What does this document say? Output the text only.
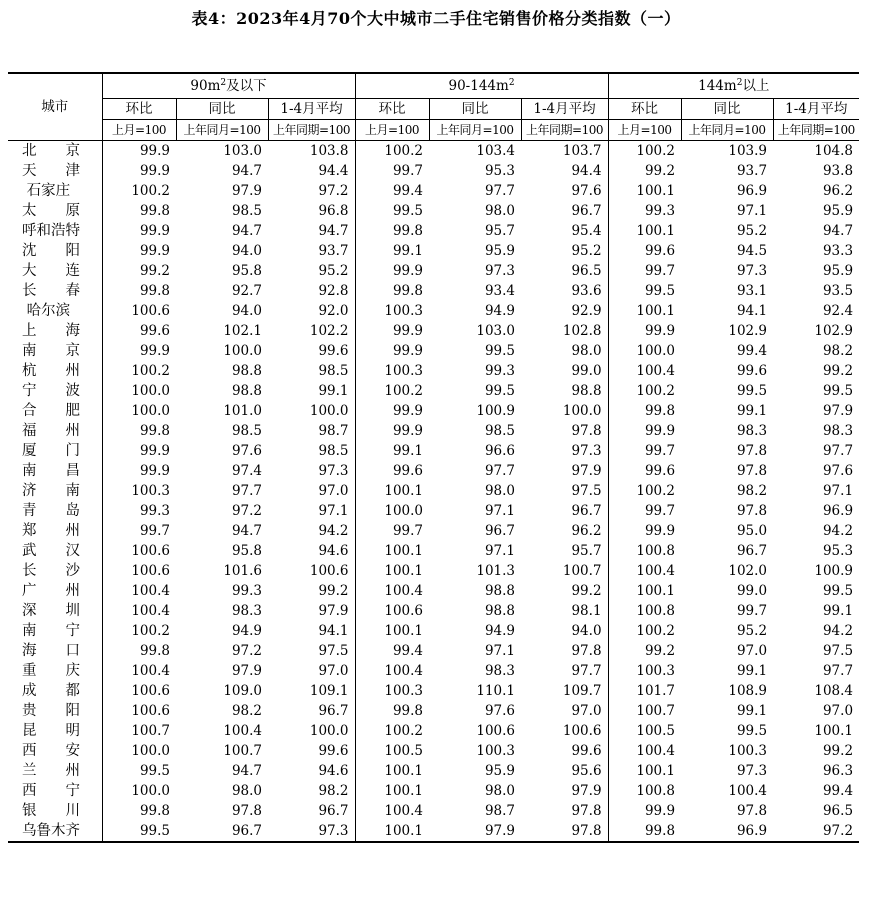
表4：2023年4月70个大中城市二手住宅销售价格分类指数（一）
城市	$90m^2$及以下			$90-144m^2$			$144m^2$以上		
	环比	同比	1-4月平均	环比	同比	1-4月平均	环比	同比	1-4月平均
	上月=100	上年同月=100	上年同期=100	上月=100	上年同月=100	上年同期=100	上月=100	上年同月=100	上年同期=100
北　　京	99.9	103.0	103.8	100.2	103.4	103.7	100.2	103.9	104.8
天　　津	99.9	94.7	94.4	99.7	95.3	94.4	99.2	93.7	93.8
石家庄	100.2	97.9	97.2	99.4	97.7	97.6	100.1	96.9	96.2
太　　原	99.8	98.5	96.8	99.5	98.0	96.7	99.3	97.1	95.9
呼和浩特	99.9	94.7	94.7	99.8	95.7	95.4	100.1	95.2	94.7
沈　　阳	99.9	94.0	93.7	99.1	95.9	95.2	99.6	94.5	93.3
大　　连	99.2	95.8	95.2	99.9	97.3	96.5	99.7	97.3	95.9
长　　春	99.8	92.7	92.8	99.8	93.4	93.6	99.5	93.1	93.5
哈尔滨	100.6	94.0	92.0	100.3	94.9	92.9	100.1	94.1	92.4
上　　海	99.6	102.1	102.2	99.9	103.0	102.8	99.9	102.9	102.9
南　　京	99.9	100.0	99.6	99.9	99.5	98.0	100.0	99.4	98.2
杭　　州	100.2	98.8	98.5	100.3	99.3	99.0	100.4	99.6	99.2
宁　　波	100.0	98.8	99.1	100.2	99.5	98.8	100.2	99.5	99.5
合　　肥	100.0	101.0	100.0	99.9	100.9	100.0	99.8	99.1	97.9
福　　州	99.8	98.5	98.7	99.9	98.5	97.8	99.9	98.3	98.3
厦　　门	99.9	97.6	98.5	99.1	96.6	97.3	99.7	97.8	97.7
南　　昌	99.9	97.4	97.3	99.6	97.7	97.9	99.6	97.8	97.6
济　　南	100.3	97.7	97.0	100.1	98.0	97.5	100.2	98.2	97.1
青　　岛	99.3	97.2	97.1	100.0	97.1	96.7	99.7	97.8	96.9
郑　　州	99.7	94.7	94.2	99.7	96.7	96.2	99.9	95.0	94.2
武　　汉	100.6	95.8	94.6	100.1	97.1	95.7	100.8	96.7	95.3
长　　沙	100.6	101.6	100.6	100.1	101.3	100.7	100.4	102.0	100.9
广　　州	100.4	99.3	99.2	100.4	98.8	99.2	100.1	99.0	99.5
深　　圳	100.4	98.3	97.9	100.6	98.8	98.1	100.8	99.7	99.1
南　　宁	100.2	94.9	94.1	100.1	94.9	94.0	100.2	95.2	94.2
海　　口	99.8	97.2	97.5	99.4	97.1	97.8	99.2	97.0	97.5
重　　庆	100.4	97.9	97.0	100.4	98.3	97.7	100.3	99.1	97.7
成　　都	100.6	109.0	109.1	100.3	110.1	109.7	101.7	108.9	108.4
贵　　阳	100.6	98.2	96.7	99.8	97.6	97.0	100.7	99.1	97.0
昆　　明	100.7	100.4	100.0	100.2	100.6	100.6	100.5	99.5	100.1
西　　安	100.0	100.7	99.6	100.5	100.3	99.6	100.4	100.3	99.2
兰　　州	99.5	94.7	94.6	100.1	95.9	95.6	100.1	97.3	96.3
西　　宁	100.0	98.0	98.2	100.1	98.0	97.9	100.8	100.4	99.4
银　　川	99.8	97.8	96.7	100.4	98.7	97.8	99.9	97.8	96.5
乌鲁木齐	99.5	96.7	97.3	100.1	97.9	97.8	99.8	96.9	97.2
